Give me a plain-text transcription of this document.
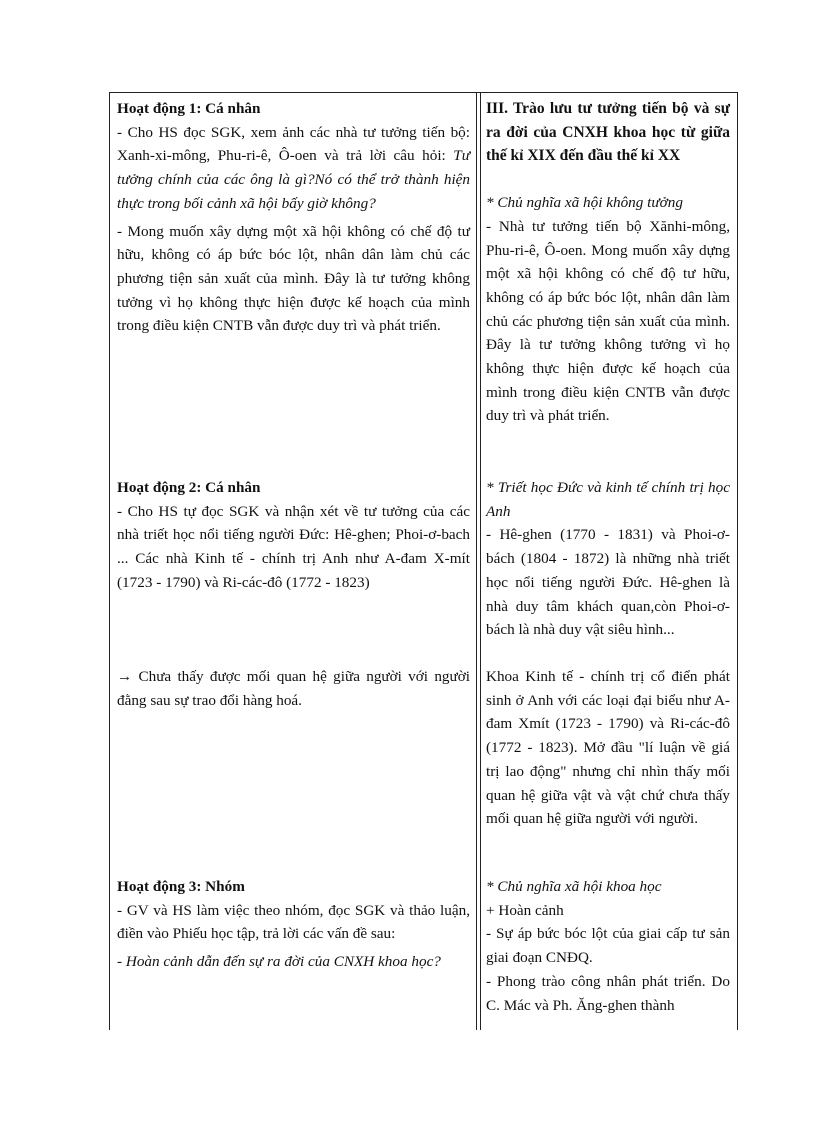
Hoạt động 1: Cá nhân

- Cho HS đọc SGK, xem ảnh các nhà tư tưởng tiến bộ: Xanh-xi-mông, Phu-ri-ê, Ô-oen và trả lời câu hỏi: Tư tưởng chính của các ông là gì?Nó có thể trở thành hiện thực trong bối cảnh xã hội bấy giờ không?

- Mong muốn xây dựng một xã hội không có chế độ tư hữu, không có áp bức bóc lột, nhân dân làm chủ các phương tiện sản xuất của mình. Đây là tư tưởng không tưởng vì họ không thực hiện được kế hoạch của mình trong điều kiện CNTB vẫn được duy trì và phát triển.

Hoạt động 2: Cá nhân

- Cho HS tự đọc SGK và nhận xét về tư tưởng của các nhà triết học nổi tiếng người Đức: Hê-ghen; Phoi-ơ-bach ... Các nhà Kinh tế - chính trị Anh như A-đam X-mít (1723 - 1790) và Ri-các-đô (1772 - 1823)

→ Chưa thấy được mối quan hệ giữa người với người đằng sau sự trao đổi hàng hoá.

Hoạt động 3: Nhóm

- GV và HS làm việc theo nhóm, đọc SGK và thảo luận, điền vào Phiếu học tập, trả lời các vấn đề sau:

- Hoàn cảnh dẫn đến sự ra đời của CNXH khoa học?

III. Trào lưu tư tưởng tiến bộ và sự ra đời của CNXH khoa học từ giữa thế kỉ XIX đến đầu thế kỉ XX

* Chủ nghĩa xã hội không tưởng

- Nhà tư tưởng tiến bộ Xănhi-mông, Phu-ri-ê, Ô-oen. Mong muốn xây dựng một xã hội không có chế độ tư hữu, không có áp bức bóc lột, nhân dân làm chủ các phương tiện sản xuất của mình. Đây là tư tưởng không tưởng vì họ không thực hiện được kế hoạch của mình trong điều kiện CNTB vẫn được duy trì và phát triển.

* Triết học Đức và kinh tế chính trị học Anh

- Hê-ghen (1770 - 1831) và Phoi-ơ-bách (1804 - 1872) là những nhà triết học nổi tiếng người Đức. Hê-ghen là nhà duy tâm khách quan,còn Phoi-ơ-bách là nhà duy vật siêu hình...

Khoa Kinh tế - chính trị cổ điển phát sinh ở Anh với các loại đại biểu như A-đam Xmít (1723 - 1790) và Ri-các-đô (1772 - 1823). Mở đầu "lí luận về giá trị lao động" nhưng chỉ nhìn thấy mối quan hệ giữa vật và vật chứ chưa thấy mối quan hệ giữa người với người.

* Chủ nghĩa xã hội khoa học

+ Hoàn cảnh

- Sự áp bức bóc lột của giai cấp tư sản giai đoạn CNĐQ.

- Phong trào công nhân phát triển. Do C. Mác và Ph. Ăng-ghen thành
